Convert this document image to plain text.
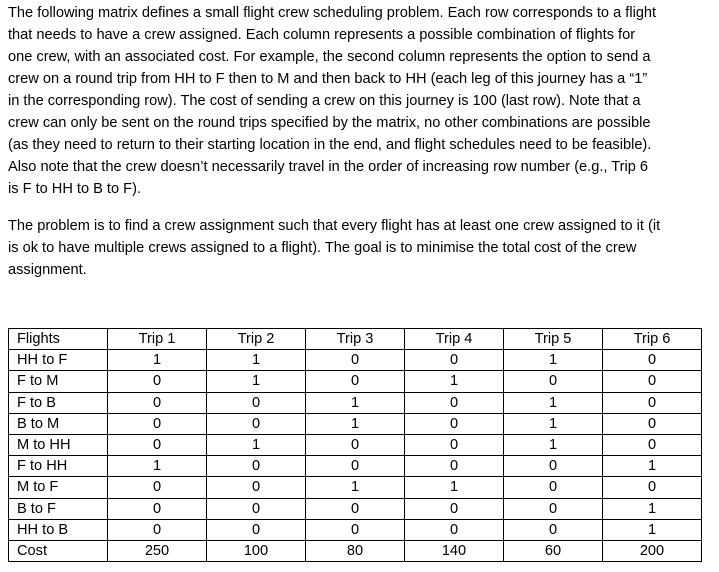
The following matrix defines a small flight crew scheduling problem. Each row corresponds to a flight
that needs to have a crew assigned. Each column represents a possible combination of flights for
one crew, with an associated cost. For example, the second column represents the option to send a
crew on a round trip from HH to F then to M and then back to HH (each leg of this journey has a “1”
in the corresponding row). The cost of sending a crew on this journey is 100 (last row). Note that a
crew can only be sent on the round trips specified by the matrix, no other combinations are possible
(as they need to return to their starting location in the end, and flight schedules need to be feasible).
Also note that the crew doesn’t necessarily travel in the order of increasing row number (e.g., Trip 6
is F to HH to B to F).
The problem is to find a crew assignment such that every flight has at least one crew assigned to it (it
is ok to have multiple crews assigned to a flight). The goal is to minimise the total cost of the crew
assignment.
Flights	Trip 1	Trip 2	Trip 3	Trip 4	Trip 5	Trip 6
HH to F	1	1	0	0	1	0
F to M	0	1	0	1	0	0
F to B	0	0	1	0	1	0
B to M	0	0	1	0	1	0
M to HH	0	1	0	0	1	0
F to HH	1	0	0	0	0	1
M to F	0	0	1	1	0	0
B to F	0	0	0	0	0	1
HH to B	0	0	0	0	0	1
Cost	250	100	80	140	60	200
